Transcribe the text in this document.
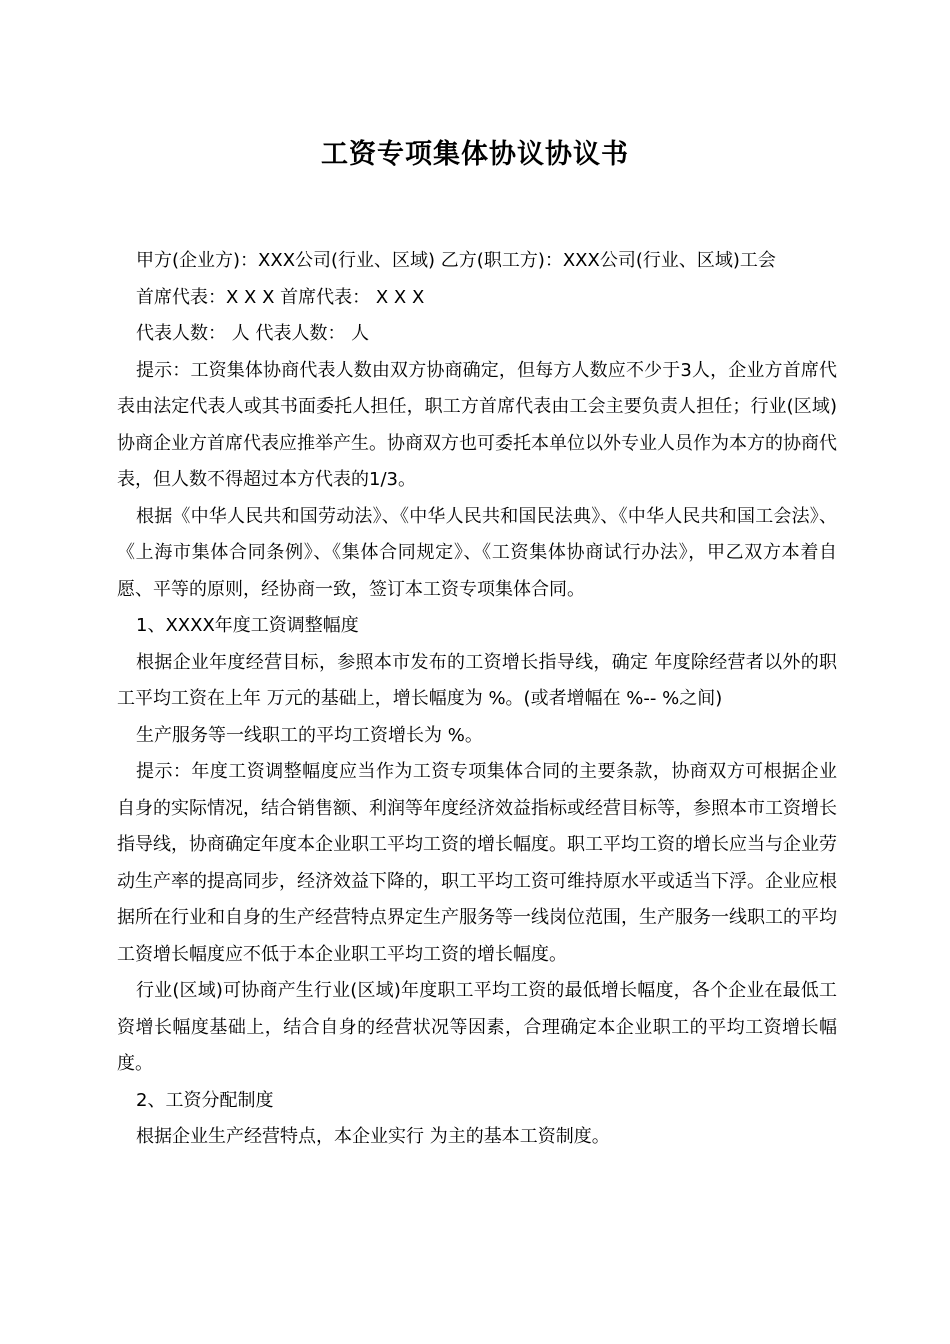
工资专项集体协议协议书

甲方(企业方)：XXX公司(行业、区域) 乙方(职工方)：XXX公司(行业、区域)工会

首席代表：X X X 首席代表： X X X

代表人数： 人 代表人数： 人

提示：工资集体协商代表人数由双方协商确定，但每方人数应不少于3人，企业方首席代表由法定代表人或其书面委托人担任，职工方首席代表由工会主要负责人担任；行业(区域)协商企业方首席代表应推举产生。协商双方也可委托本单位以外专业人员作为本方的协商代表，但人数不得超过本方代表的1/3。

根据《中华人民共和国劳动法》、《中华人民共和国民法典》、《中华人民共和国工会法》、《上海市集体合同条例》、《集体合同规定》、《工资集体协商试行办法》，甲乙双方本着自愿、平等的原则，经协商一致，签订本工资专项集体合同。

1、XXXX年度工资调整幅度

根据企业年度经营目标，参照本市发布的工资增长指导线，确定 年度除经营者以外的职工平均工资在上年 万元的基础上，增长幅度为 %。(或者增幅在 %-- %之间)

生产服务等一线职工的平均工资增长为 %。

提示：年度工资调整幅度应当作为工资专项集体合同的主要条款，协商双方可根据企业自身的实际情况，结合销售额、利润等年度经济效益指标或经营目标等，参照本市工资增长指导线，协商确定年度本企业职工平均工资的增长幅度。职工平均工资的增长应当与企业劳动生产率的提高同步，经济效益下降的，职工平均工资可维持原水平或适当下浮。企业应根据所在行业和自身的生产经营特点界定生产服务等一线岗位范围，生产服务一线职工的平均工资增长幅度应不低于本企业职工平均工资的增长幅度。

行业(区域)可协商产生行业(区域)年度职工平均工资的最低增长幅度，各个企业在最低工资增长幅度基础上，结合自身的经营状况等因素，合理确定本企业职工的平均工资增长幅度。

2、工资分配制度

根据企业生产经营特点，本企业实行 为主的基本工资制度。
